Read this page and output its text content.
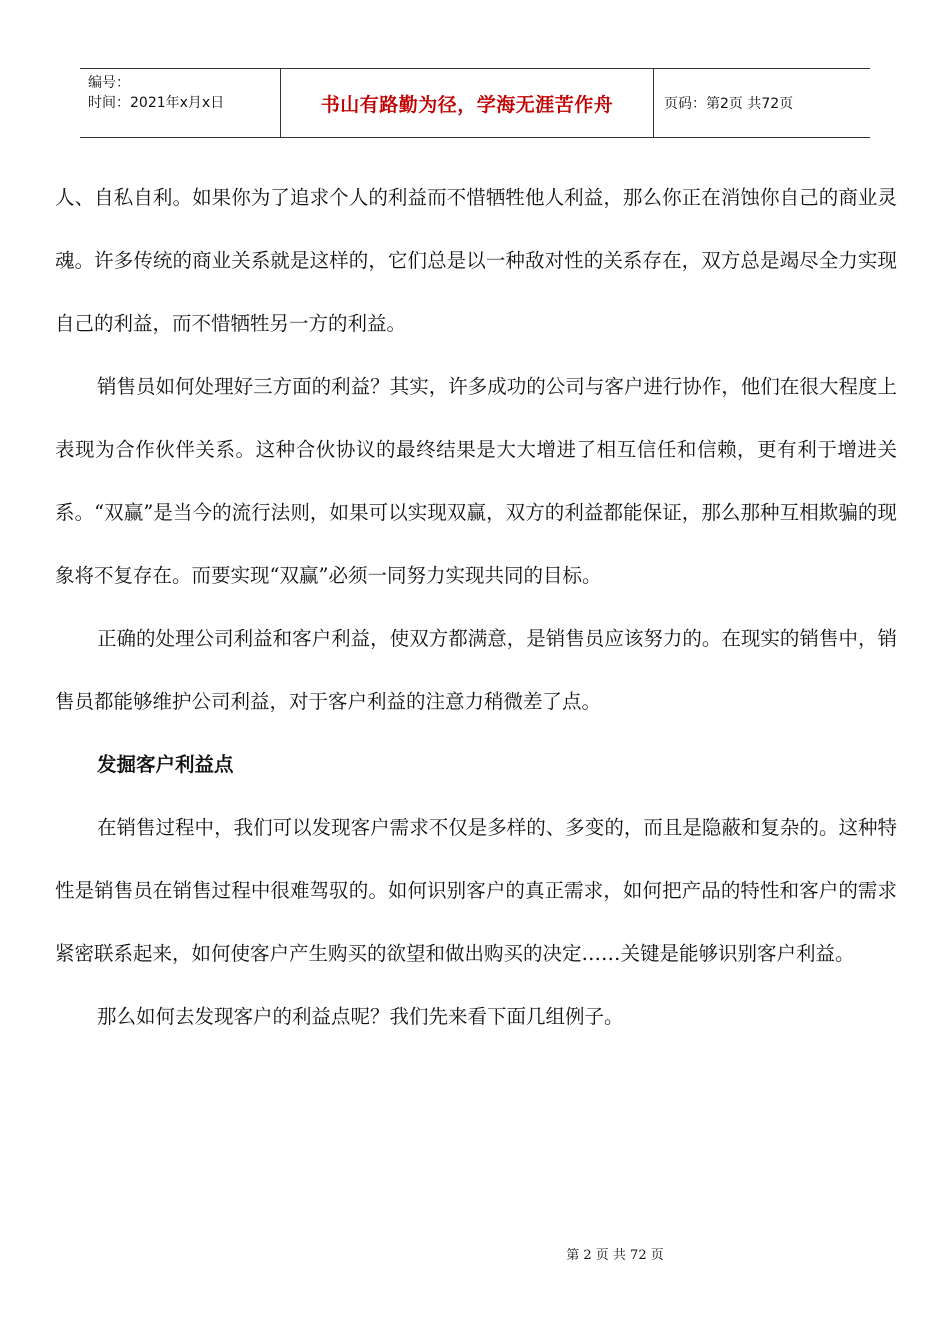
编号：
时间：2021年x月x日	书山有路勤为径，学海无涯苦作舟	页码：第2页 共72页

人、自私自利。如果你为了追求个人的利益而不惜牺牲他人利益，那么你正在消蚀你自己的商业灵魂。许多传统的商业关系就是这样的，它们总是以一种敌对性的关系存在，双方总是竭尽全力实现自己的利益，而不惜牺牲另一方的利益。

销售员如何处理好三方面的利益？其实，许多成功的公司与客户进行协作，他们在很大程度上表现为合作伙伴关系。这种合伙协议的最终结果是大大增进了相互信任和信赖，更有利于增进关系。“双赢”是当今的流行法则，如果可以实现双赢，双方的利益都能保证，那么那种互相欺骗的现象将不复存在。而要实现“双赢”必须一同努力实现共同的目标。

正确的处理公司利益和客户利益，使双方都满意，是销售员应该努力的。在现实的销售中，销售员都能够维护公司利益，对于客户利益的注意力稍微差了点。

发掘客户利益点

在销售过程中，我们可以发现客户需求不仅是多样的、多变的，而且是隐蔽和复杂的。这种特性是销售员在销售过程中很难驾驭的。如何识别客户的真正需求，如何把产品的特性和客户的需求紧密联系起来，如何使客户产生购买的欲望和做出购买的决定……关键是能够识别客户利益。

那么如何去发现客户的利益点呢？我们先来看下面几组例子。

第 2 页 共 72 页
